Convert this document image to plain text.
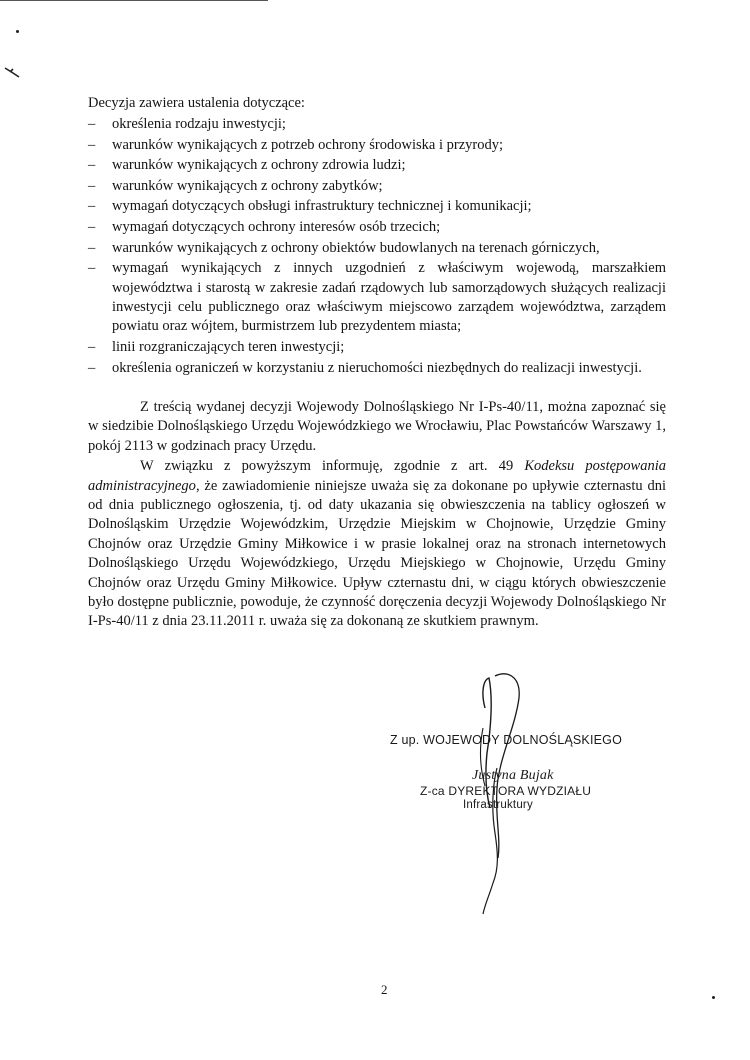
Decyzja zawiera ustalenia dotyczące:

– określenia rodzaju inwestycji;
– warunków wynikających z potrzeb ochrony środowiska i przyrody;
– warunków wynikających z ochrony zdrowia ludzi;
– warunków wynikających z ochrony zabytków;
– wymagań dotyczących obsługi infrastruktury technicznej i komunikacji;
– wymagań dotyczących ochrony interesów osób trzecich;
– warunków wynikających z ochrony obiektów budowlanych na terenach górniczych,
– wymagań wynikających z innych uzgodnień z właściwym wojewodą, marszałkiem województwa i starostą w zakresie zadań rządowych lub samorządowych służących realizacji inwestycji celu publicznego oraz właściwym miejscowo zarządem województwa, zarządem powiatu oraz wójtem, burmistrzem lub prezydentem miasta;
– linii rozgraniczających teren inwestycji;
– określenia ograniczeń w korzystaniu z nieruchomości niezbędnych do realizacji inwestycji.

Z treścią wydanej decyzji Wojewody Dolnośląskiego Nr I-Ps-40/11, można zapoznać się w siedzibie Dolnośląskiego Urzędu Wojewódzkiego we Wrocławiu, Plac Powstańców Warszawy 1, pokój 2113 w godzinach pracy Urzędu.

W związku z powyższym informuję, zgodnie z art. 49 Kodeksu postępowania administracyjnego, że zawiadomienie niniejsze uważa się za dokonane po upływie czternastu dni od dnia publicznego ogłoszenia, tj. od daty ukazania się obwieszczenia na tablicy ogłoszeń w Dolnośląskim Urzędzie Wojewódzkim, Urzędzie Miejskim w Chojnowie, Urzędzie Gminy Chojnów oraz Urzędzie Gminy Miłkowice i w prasie lokalnej oraz na stronach internetowych Dolnośląskiego Urzędu Wojewódzkiego, Urzędu Miejskiego w Chojnowie, Urzędu Gminy Chojnów oraz Urzędu Gminy Miłkowice. Upływ czternastu dni, w ciągu których obwieszczenie było dostępne publicznie, powoduje, że czynność doręczenia decyzji Wojewody Dolnośląskiego Nr I-Ps-40/11 z dnia 23.11.2011 r. uważa się za dokonaną ze skutkiem prawnym.

Z up. WOJEWODY DOLNOŚLĄSKIEGO
Justyna Bujak
Z-ca DYREKTORA WYDZIAŁU
Infrastruktury
2
